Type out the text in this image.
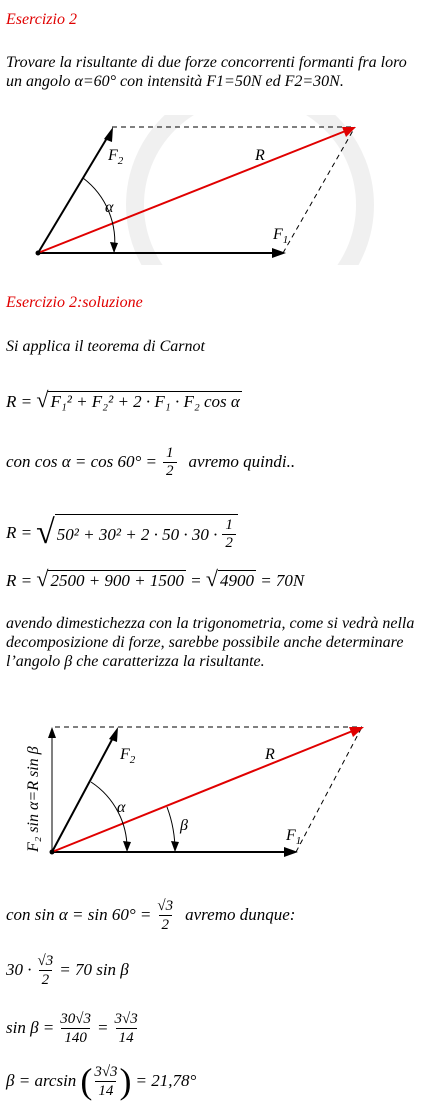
Esercizio 2
Trovare la risultante di due forze concorrenti formanti fra loro un angolo α=60° con intensità F1=50N ed F2=30N.
$F_2$	R
α
$F_1$
Esercizio 2:soluzione
Si applica il teorema di Carnot
R = √ F₁² + F₂² + 2 · F₁ · F₂ cos α
con $\cos \alpha = \cos 60^\circ = \frac{1}{2}$ avremo quindi..
R = √ $50^2 + 30^2 + 2 \cdot 50 \cdot 30 \cdot \frac{1}{2}$
R = √ 2500 + 900 + 1500 = √ 4900 = 70N
avendo dimestichezza con la trigonometria, come si vedrà nella decomposizione di forze, sarebbe possibile anche determinare l’angolo β che caratterizza la risultante.
$F_2$	R
α
β
$F_1$
F₂ sin α=R sin β
con $\sin \alpha = \sin 60^\circ = \frac{√3}{2}$ avremo dunque:
$30 \cdot \frac{√3}{2} = 70$ sin β
$\sin \beta = \frac{30√3}{140} = \frac{3√3}{14}$
β = arcsin ( $\frac{3√3}{14}$ ) = 21,78°
